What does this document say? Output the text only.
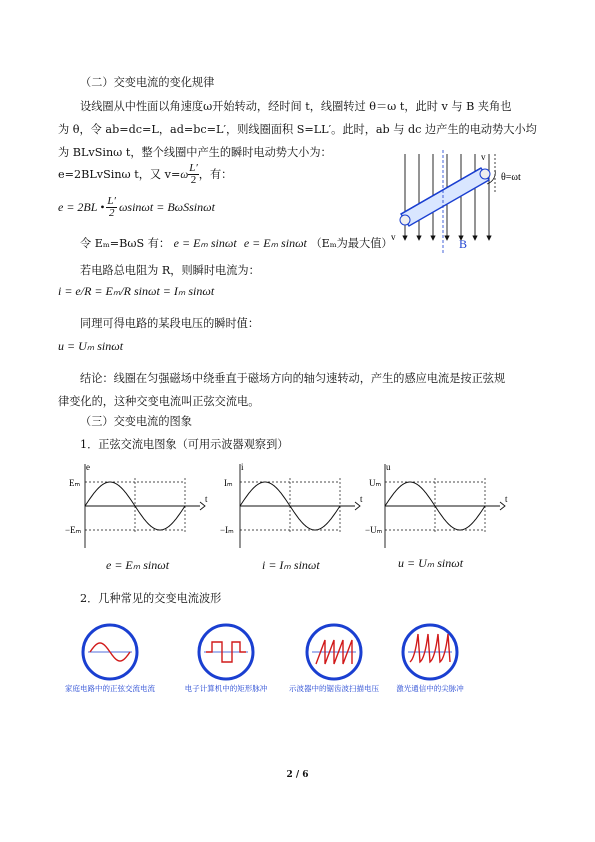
（二）交变电流的变化规律
设线圈从中性面以角速度ω开始转动，经时间 t，线圈转过 θ＝ω t，此时 v 与 B 夹角也
为 θ，令 ab=dc=L，ad=bc=L′，则线圈面积 S=LL′。此时，ab 与 dc 边产生的电动势大小均
为 BLvSinω t，整个线圈中产生的瞬时电动势大小为：
e=2BLvSinω t，又 v= ω $\frac{L'}{2}$ ，有：
e = 2BL • $\frac{L'}{2}$ ωsinωt = BωSsinωt
令 Eₘ=BωS 有： e = Eₘ sinωt e = Eₘ sinωt （Eₘ为最大值）
若电路总电阻为 R，则瞬时电流为：
i = e/R = Eₘ/R sinωt = Iₘ sinωt
同理可得电路的某段电压的瞬时值：
u = Uₘ sinωt
结论：线圈在匀强磁场中绕垂直于磁场方向的轴匀速转动，产生的感应电流是按正弦规
律变化的，这种交变电流叫正弦交流电。
（三）交变电流的图象
1．正弦交流电图象（可用示波器观察到）
θ=ωt
B
v
v
e
Eₘ
−Eₘ
t
i
Iₘ
−Iₘ
t
u
Uₘ
−Uₘ
t
e = Eₘ sinωt	i = Iₘ sinωt	u = Uₘ sinωt
2．几种常见的交变电流波形
家庭电路中的正弦交流电流	电子计算机中的矩形脉冲	示波器中的锯齿波扫描电压 激光通信中的尖脉冲
2 / 6
